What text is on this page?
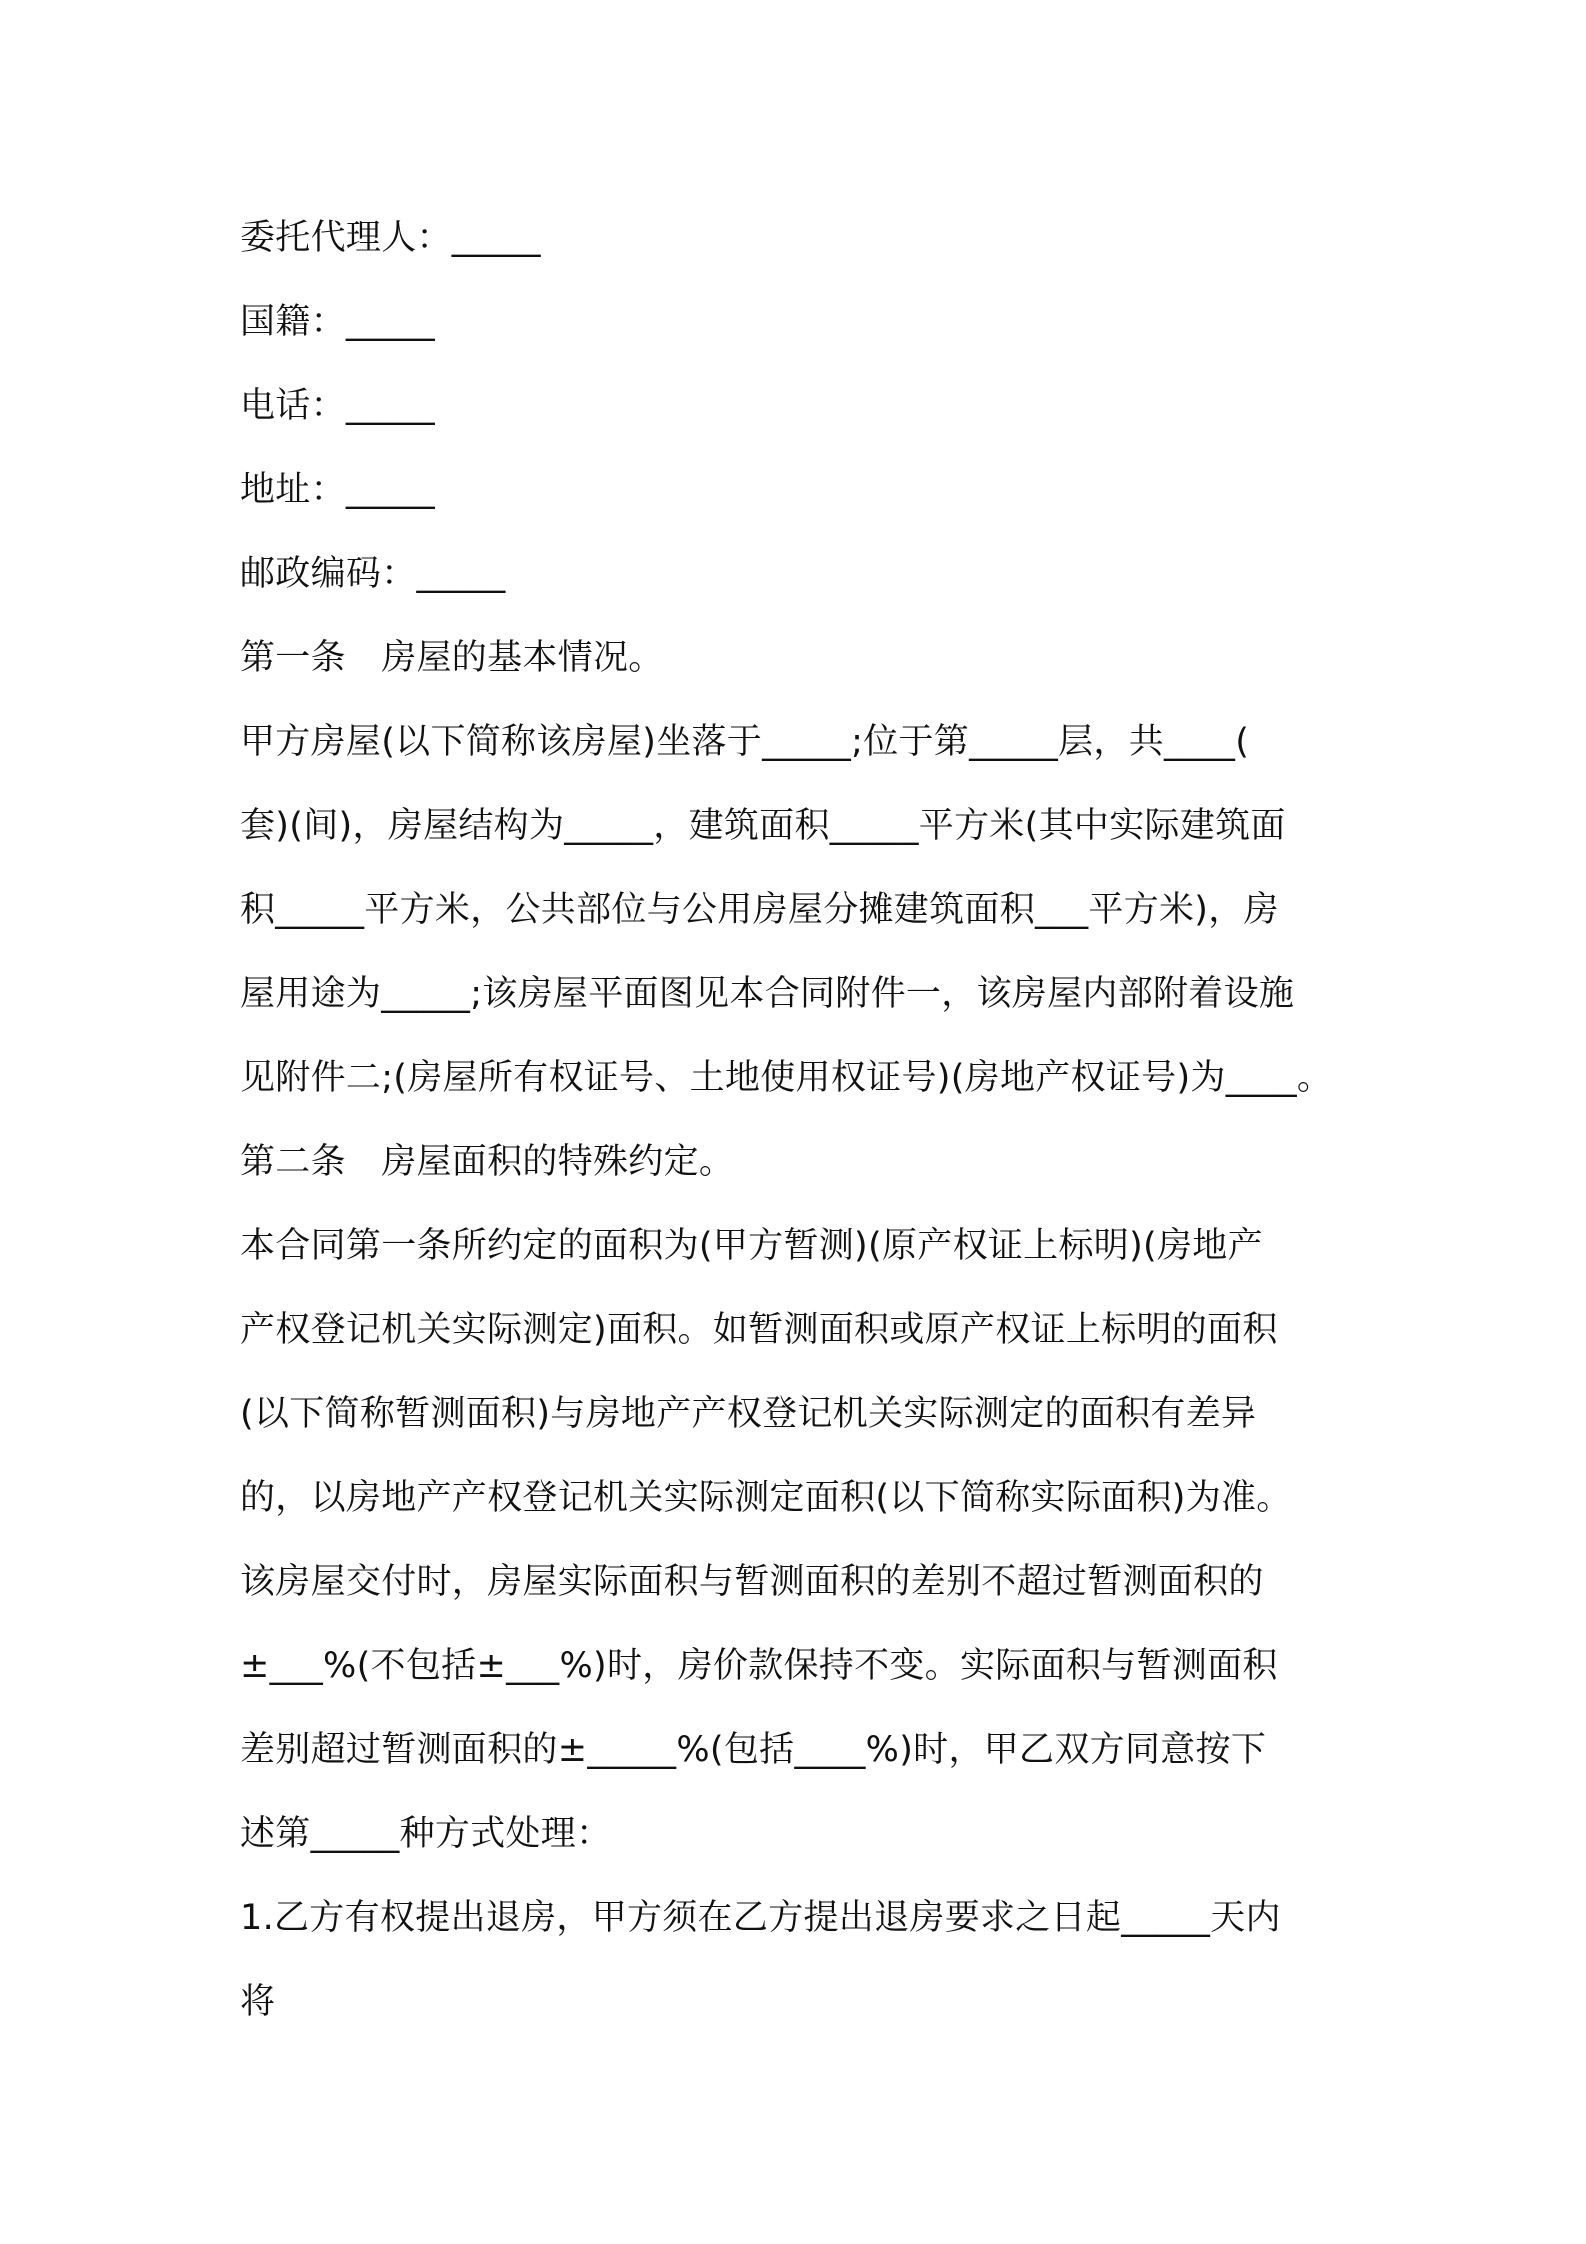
委托代理人：_____
国籍：_____
电话：_____
地址：_____
邮政编码：_____
第一条　房屋的基本情况。
甲方房屋(以下简称该房屋)坐落于_____;位于第_____层，共____(
套)(间)，房屋结构为_____，建筑面积_____平方米(其中实际建筑面
积_____平方米，公共部位与公用房屋分摊建筑面积___平方米)，房
屋用途为_____;该房屋平面图见本合同附件一，该房屋内部附着设施
见附件二;(房屋所有权证号、土地使用权证号)(房地产权证号)为____。
第二条　房屋面积的特殊约定。
本合同第一条所约定的面积为(甲方暂测)(原产权证上标明)(房地产
产权登记机关实际测定)面积。如暂测面积或原产权证上标明的面积
(以下简称暂测面积)与房地产产权登记机关实际测定的面积有差异
的，以房地产产权登记机关实际测定面积(以下简称实际面积)为准。
该房屋交付时，房屋实际面积与暂测面积的差别不超过暂测面积的
±___%(不包括±___%)时，房价款保持不变。实际面积与暂测面积
差别超过暂测面积的±_____%(包括____%)时，甲乙双方同意按下
述第_____种方式处理：
1.乙方有权提出退房，甲方须在乙方提出退房要求之日起_____天内
将
